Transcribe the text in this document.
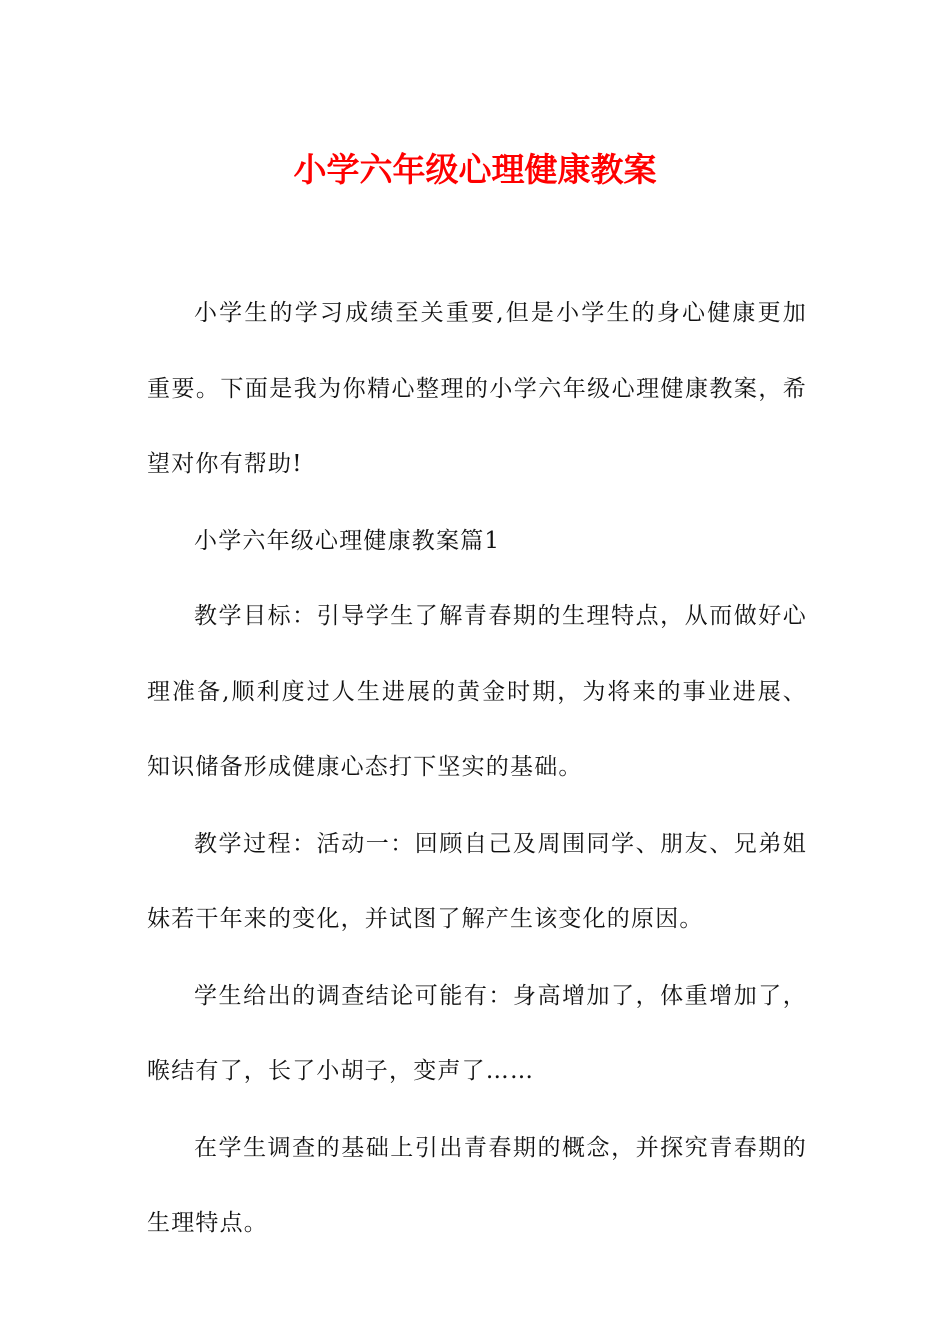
小学六年级心理健康教案

小学生的学习成绩至关重要,但是小学生的身心健康更加重要。下面是我为你精心整理的小学六年级心理健康教案，希望对你有帮助!

小学六年级心理健康教案篇1

教学目标：引导学生了解青春期的生理特点，从而做好心理准备,顺利度过人生进展的黄金时期，为将来的事业进展、知识储备形成健康心态打下坚实的基础。

教学过程：活动一：回顾自己及周围同学、朋友、兄弟姐妹若干年来的变化，并试图了解产生该变化的原因。

学生给出的调查结论可能有：身高增加了，体重增加了，喉结有了，长了小胡子，变声了……

在学生调查的基础上引出青春期的概念，并探究青春期的生理特点。
